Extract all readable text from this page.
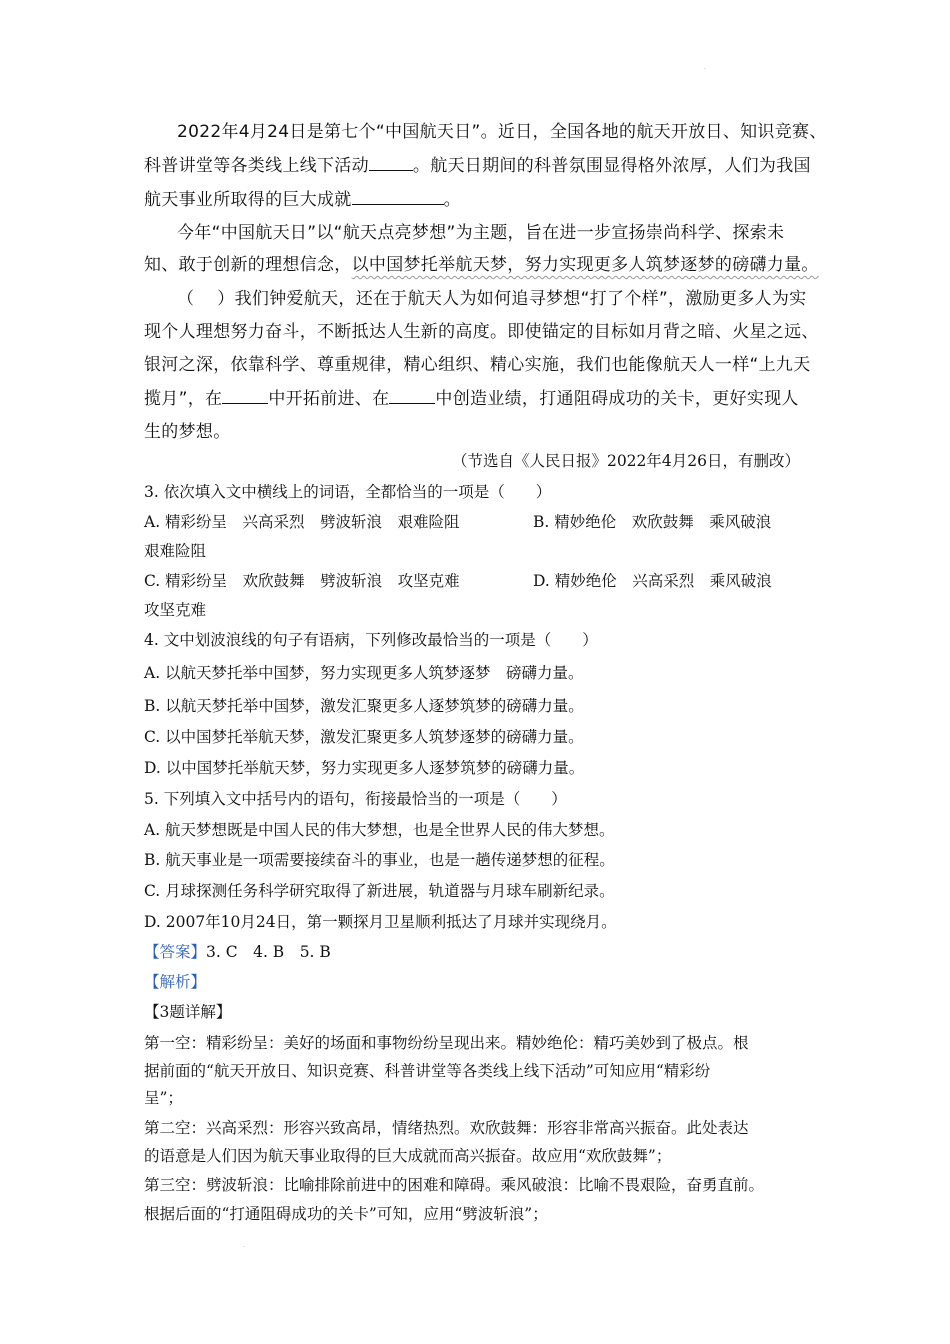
·
2022年4月24日是第七个“中国航天日”。近日，全国各地的航天开放日、知识竞赛、
科普讲堂等各类线上线下活动	。航天日期间的科普氛围显得格外浓厚，人们为我国
航天事业所取得的巨大成就	。
今年“中国航天日”以“航天点亮梦想”为主题，旨在进一步宣扬崇尚科学、探索未
知、敢于创新的理想信念，以中国梦托举航天梦，努力实现更多人筑梦逐梦的磅礴力量。
（　 ）我们钟爱航天，还在于航天人为如何追寻梦想“打了个样”，激励更多人为实
现个人理想努力奋斗，不断抵达人生新的高度。即使锚定的目标如月背之暗、火星之远、
银河之深，依靠科学、尊重规律，精心组织、精心实施，我们也能像航天人一样“上九天
揽月”，在	中开拓前进、在	中创造业绩，打通阻碍成功的关卡，更好实现人
生的梦想。
（节选自《人民日报》2022年4月26日，有删改）
3. 依次填入文中横线上的词语，全都恰当的一项是（　　）
A. 精彩纷呈　兴高采烈　劈波斩浪　艰难险阻	B. 精妙绝伦　欢欣鼓舞　乘风破浪
艰难险阻
C. 精彩纷呈　欢欣鼓舞　劈波斩浪　攻坚克难	D. 精妙绝伦　兴高采烈　乘风破浪
攻坚克难
4. 文中划波浪线的句子有语病，下列修改最恰当的一项是（　　）
A. 以航天梦托举中国梦，努力实现更多人筑梦逐梦　磅礴力量。
B. 以航天梦托举中国梦，激发汇聚更多人逐梦筑梦的磅礴力量。
C. 以中国梦托举航天梦，激发汇聚更多人筑梦逐梦的磅礴力量。
D. 以中国梦托举航天梦，努力实现更多人逐梦筑梦的磅礴力量。
5. 下列填入文中括号内的语句，衔接最恰当的一项是（　　）
A. 航天梦想既是中国人民的伟大梦想，也是全世界人民的伟大梦想。
B. 航天事业是一项需要接续奋斗的事业，也是一趟传递梦想的征程。
C. 月球探测任务科学研究取得了新进展，轨道器与月球车刷新纪录。
D. 2007年10月24日，第一颗探月卫星顺利抵达了月球并实现绕月。
【答案】3. C　4. B　5. B
【解析】
【3题详解】
第一空：精彩纷呈：美好的场面和事物纷纷呈现出来。精妙绝伦：精巧美妙到了极点。根
据前面的“航天开放日、知识竞赛、科普讲堂等各类线上线下活动”可知应用“精彩纷
呈”；
第二空：兴高采烈：形容兴致高昂，情绪热烈。欢欣鼓舞：形容非常高兴振奋。此处表达
的语意是人们因为航天事业取得的巨大成就而高兴振奋。故应用“欢欣鼓舞”；
第三空：劈波斩浪：比喻排除前进中的困难和障碍。乘风破浪：比喻不畏艰险，奋勇直前。
根据后面的“打通阻碍成功的关卡”可知，应用“劈波斩浪”；
·
